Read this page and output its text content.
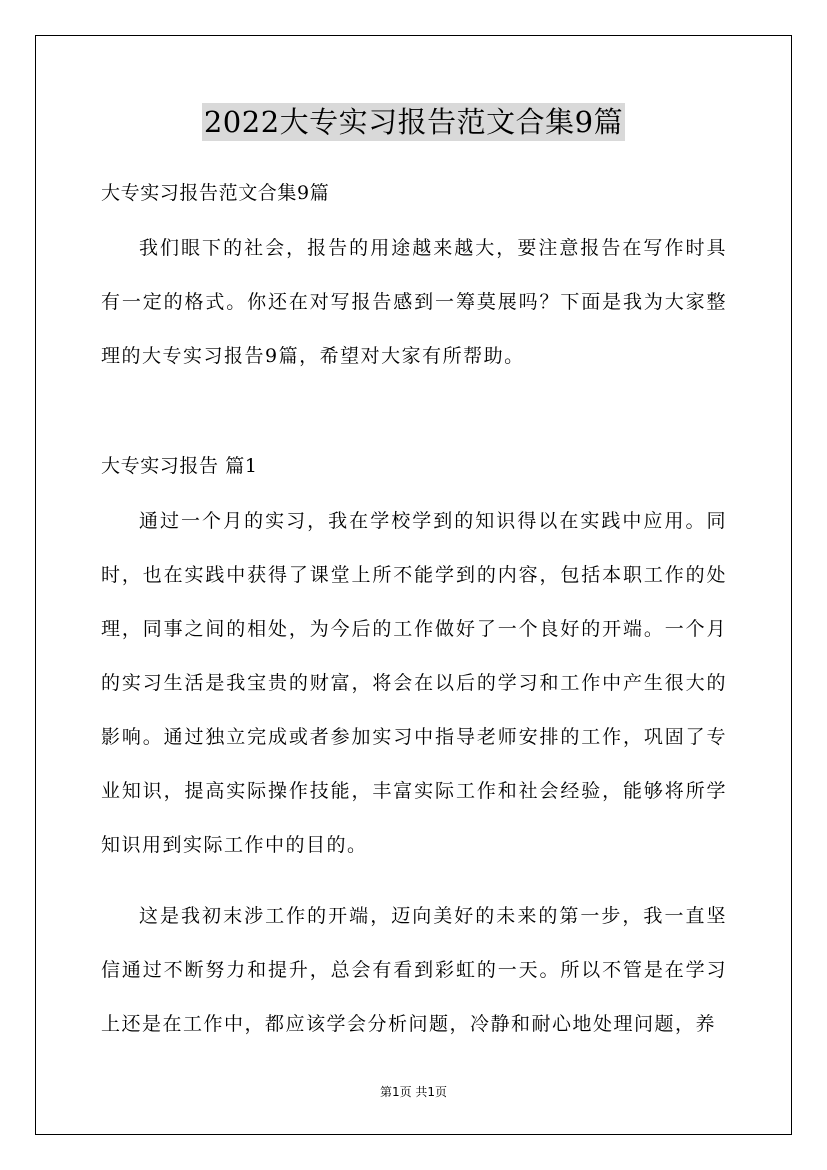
2022大专实习报告范文合集9篇
大专实习报告范文合集9篇

我们眼下的社会，报告的用途越来越大，要注意报告在写作时具有一定的格式。你还在对写报告感到一筹莫展吗？下面是我为大家整理的大专实习报告9篇，希望对大家有所帮助。

大专实习报告 篇1

通过一个月的实习，我在学校学到的知识得以在实践中应用。同时，也在实践中获得了课堂上所不能学到的内容，包括本职工作的处理，同事之间的相处，为今后的工作做好了一个良好的开端。一个月的实习生活是我宝贵的财富，将会在以后的学习和工作中产生很大的影响。通过独立完成或者参加实习中指导老师安排的工作，巩固了专业知识，提高实际操作技能，丰富实际工作和社会经验，能够将所学知识用到实际工作中的目的。

这是我初末涉工作的开端，迈向美好的未来的第一步，我一直坚信通过不断努力和提升，总会有看到彩虹的一天。所以不管是在学习上还是在工作中，都应该学会分析问题，冷静和耐心地处理问题，养

第1页 共1页
